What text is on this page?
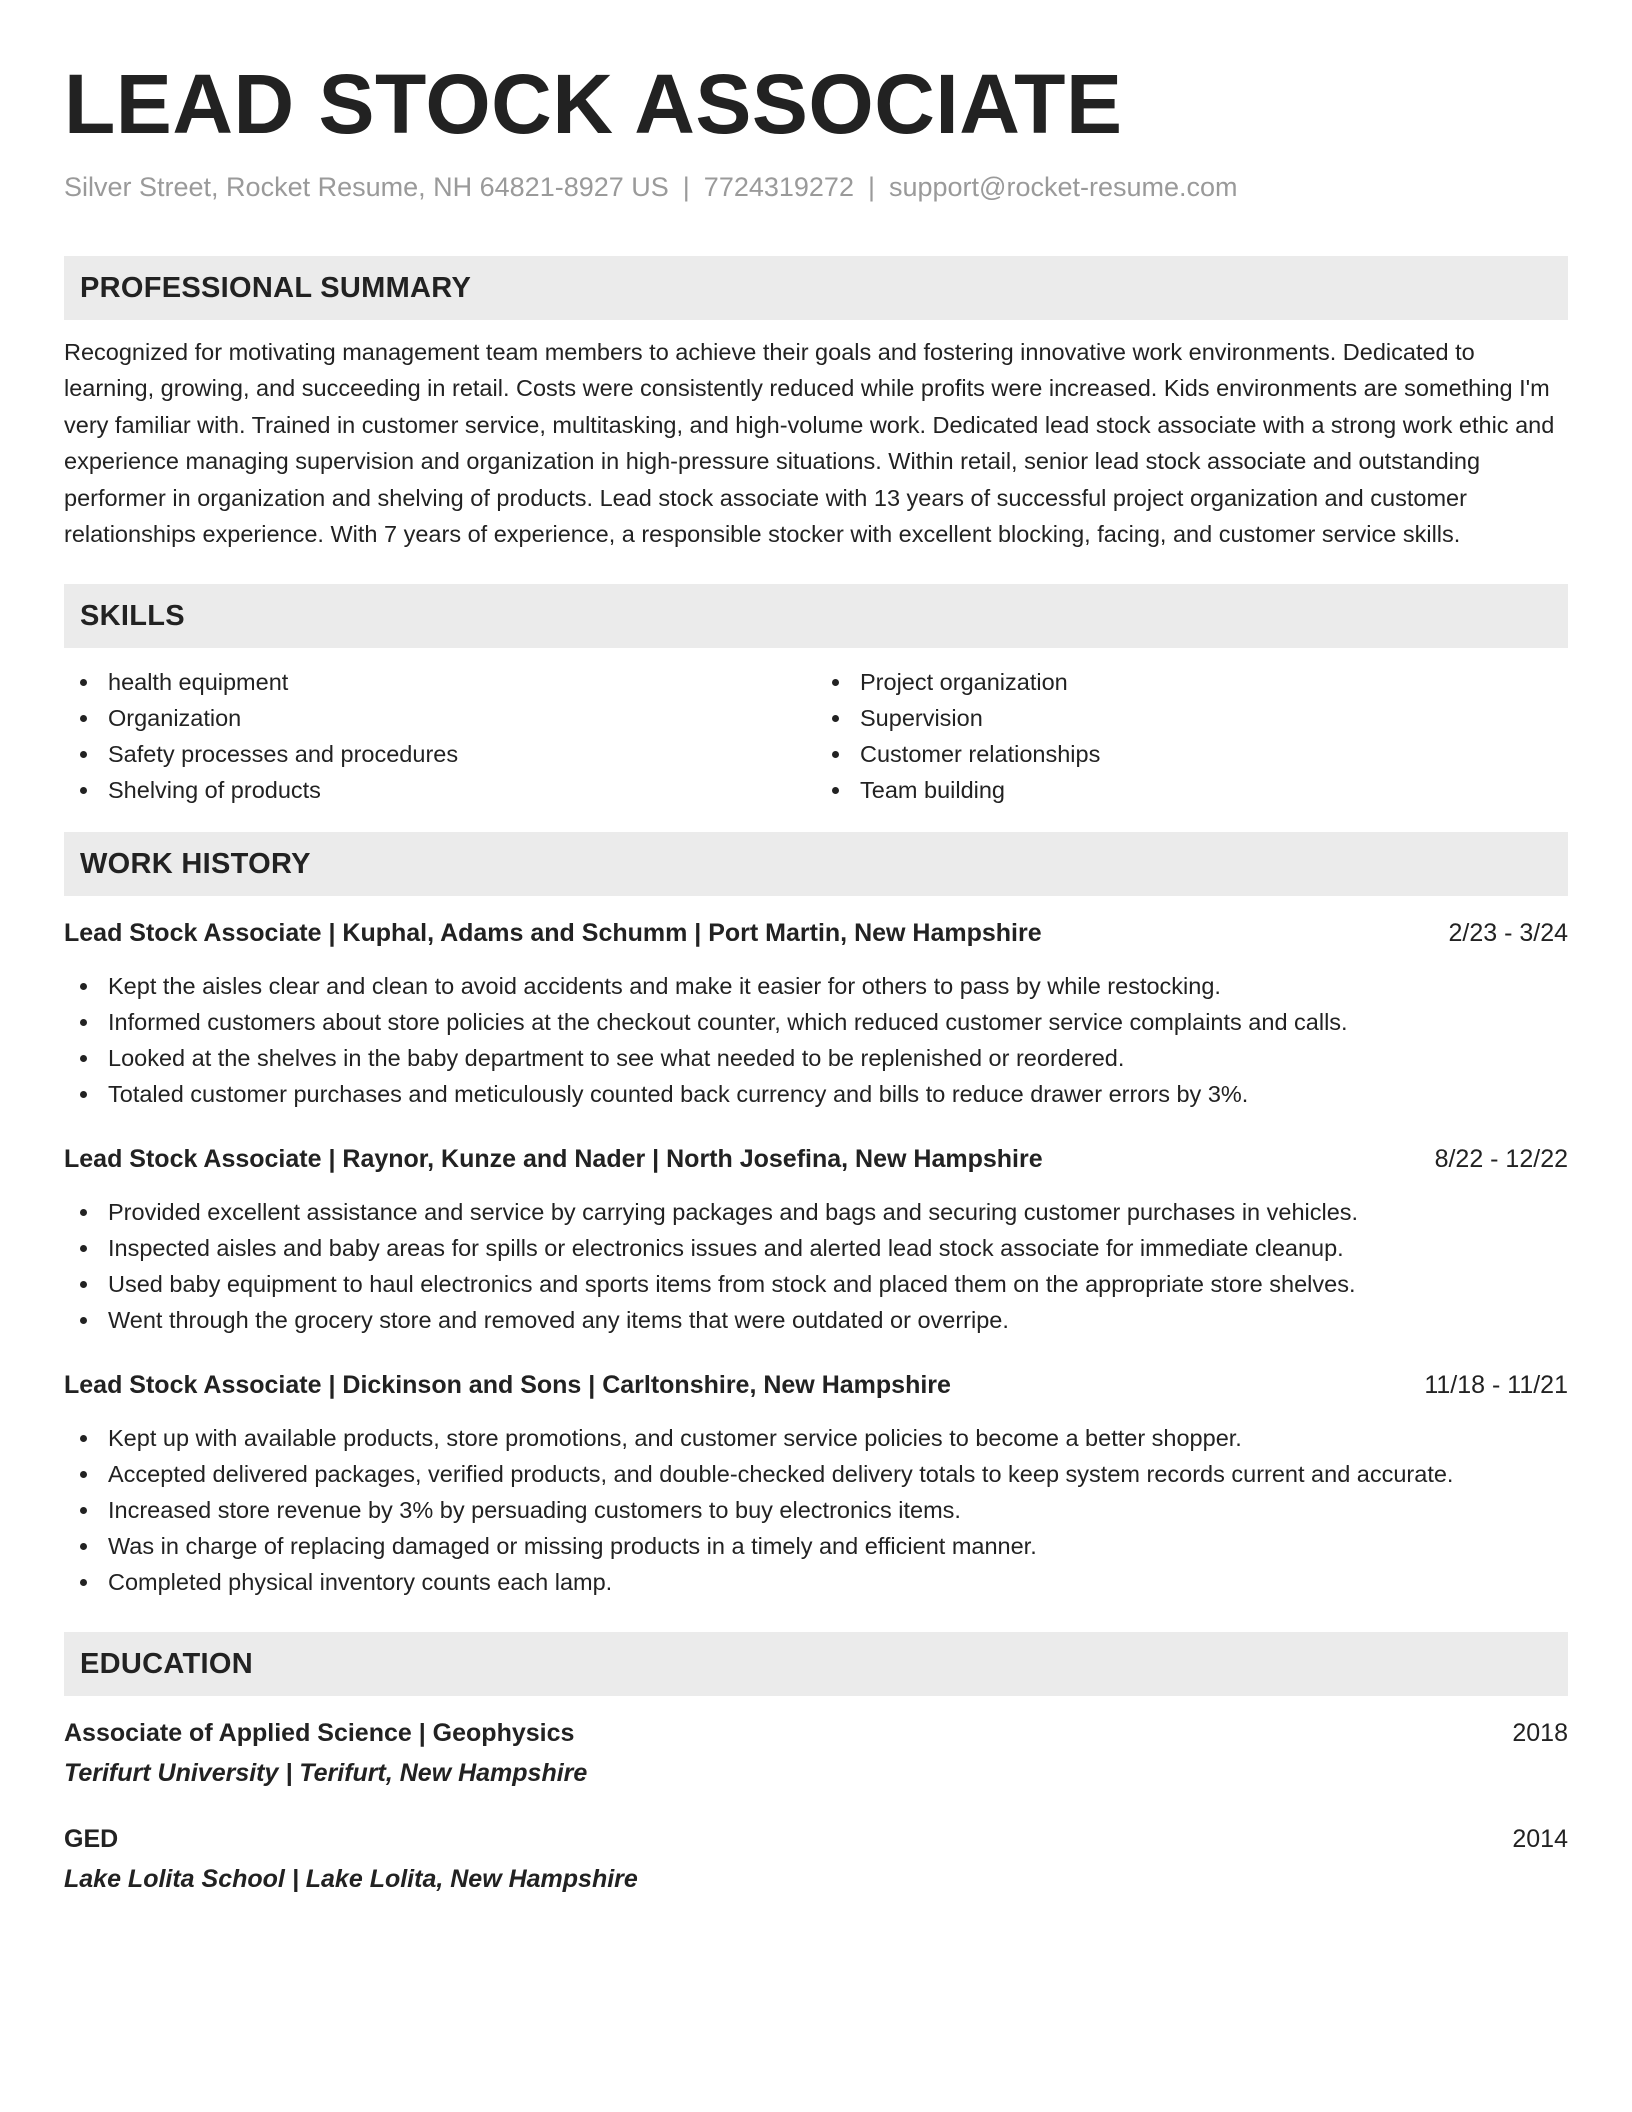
LEAD STOCK ASSOCIATE
Silver Street, Rocket Resume, NH 64821-8927 US | 7724319272 | support@rocket-resume.com
PROFESSIONAL SUMMARY
Recognized for motivating management team members to achieve their goals and fostering innovative work environments. Dedicated to learning, growing, and succeeding in retail. Costs were consistently reduced while profits were increased. Kids environments are something I'm very familiar with. Trained in customer service, multitasking, and high-volume work. Dedicated lead stock associate with a strong work ethic and experience managing supervision and organization in high-pressure situations. Within retail, senior lead stock associate and outstanding performer in organization and shelving of products. Lead stock associate with 13 years of successful project organization and customer relationships experience. With 7 years of experience, a responsible stocker with excellent blocking, facing, and customer service skills.
SKILLS
health equipment
Organization
Safety processes and procedures
Shelving of products
Project organization
Supervision
Customer relationships
Team building
WORK HISTORY
Lead Stock Associate | Kuphal, Adams and Schumm | Port Martin, New Hampshire	2/23 - 3/24
Kept the aisles clear and clean to avoid accidents and make it easier for others to pass by while restocking.
Informed customers about store policies at the checkout counter, which reduced customer service complaints and calls.
Looked at the shelves in the baby department to see what needed to be replenished or reordered.
Totaled customer purchases and meticulously counted back currency and bills to reduce drawer errors by 3%.
Lead Stock Associate | Raynor, Kunze and Nader | North Josefina, New Hampshire	8/22 - 12/22
Provided excellent assistance and service by carrying packages and bags and securing customer purchases in vehicles.
Inspected aisles and baby areas for spills or electronics issues and alerted lead stock associate for immediate cleanup.
Used baby equipment to haul electronics and sports items from stock and placed them on the appropriate store shelves.
Went through the grocery store and removed any items that were outdated or overripe.
Lead Stock Associate | Dickinson and Sons | Carltonshire, New Hampshire	11/18 - 11/21
Kept up with available products, store promotions, and customer service policies to become a better shopper.
Accepted delivered packages, verified products, and double-checked delivery totals to keep system records current and accurate.
Increased store revenue by 3% by persuading customers to buy electronics items.
Was in charge of replacing damaged or missing products in a timely and efficient manner.
Completed physical inventory counts each lamp.
EDUCATION
Associate of Applied Science | Geophysics	2018
Terifurt University | Terifurt, New Hampshire
GED	2014
Lake Lolita School | Lake Lolita, New Hampshire
